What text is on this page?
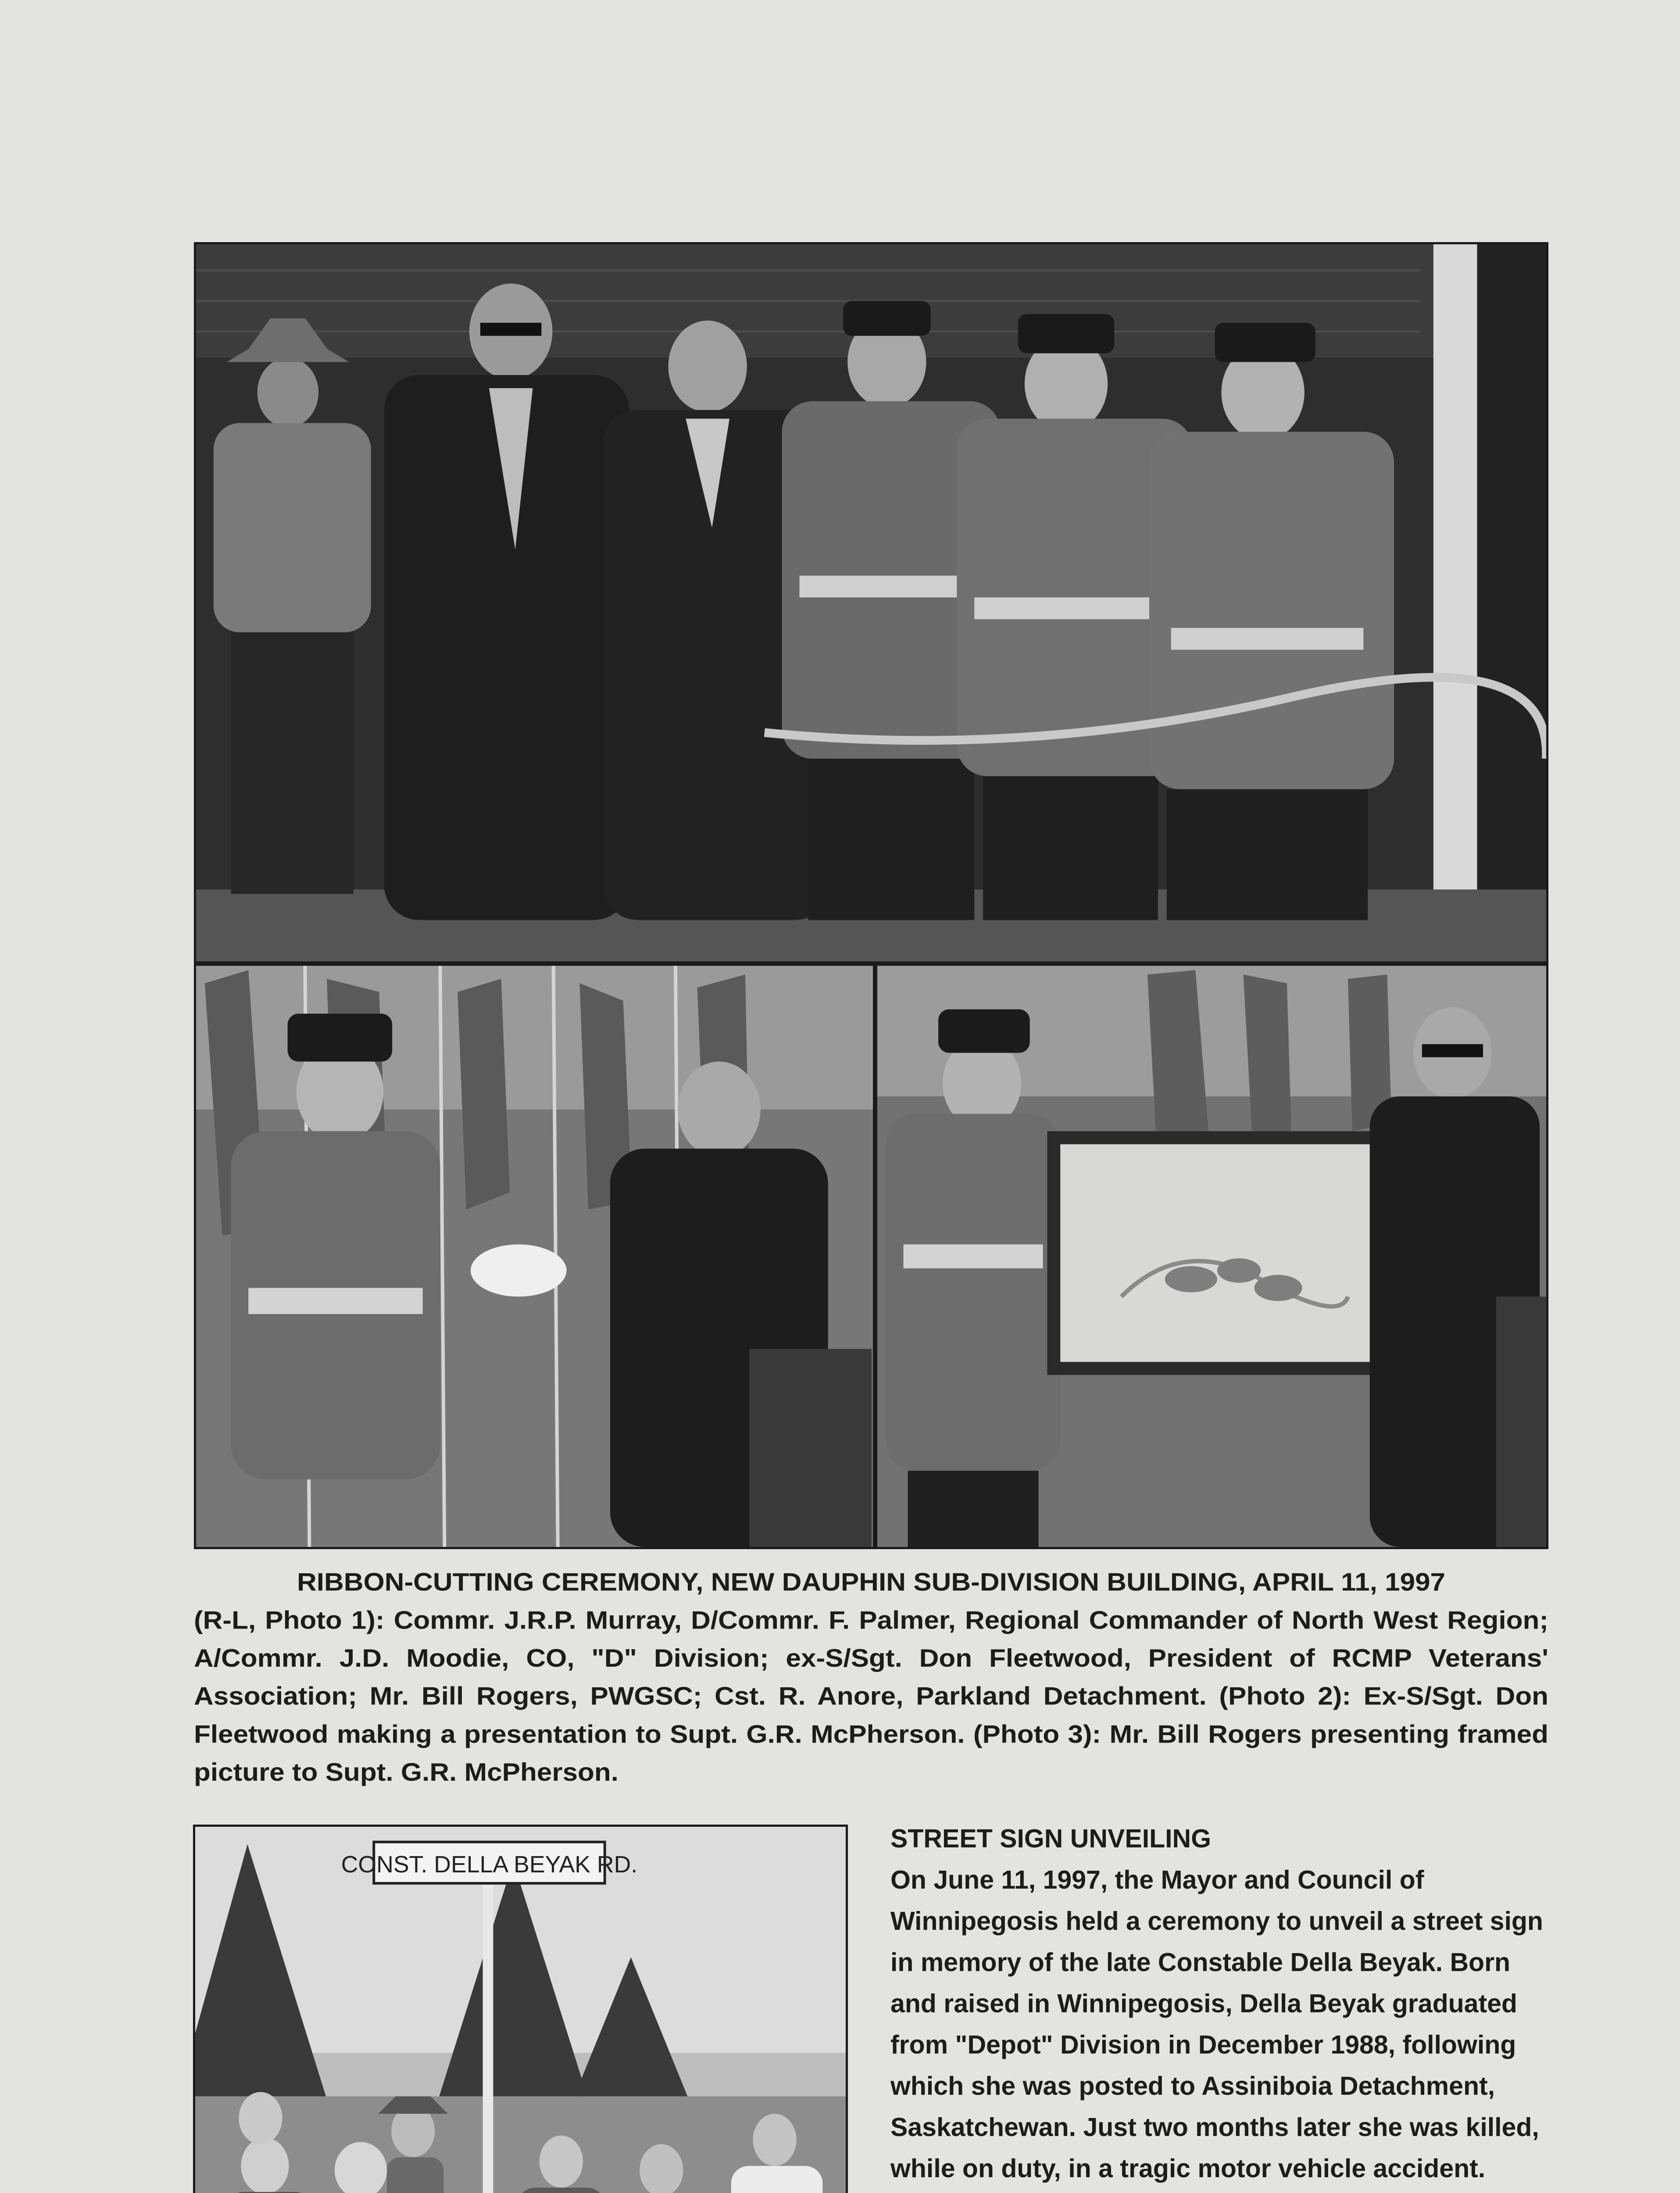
RIBBON-CUTTING CEREMONY, NEW DAUPHIN SUB-DIVISION BUILDING, APRIL 11, 1997
(R-L, Photo 1): Commr. J.R.P. Murray, D/Commr. F. Palmer, Regional Commander of North West Region; A/Commr. J.D. Moodie, CO, "D" Division; ex-S/Sgt. Don Fleetwood, President of RCMP Veterans' Association; Mr. Bill Rogers, PWGSC; Cst. R. Anore, Parkland Detachment. (Photo 2): Ex-S/Sgt. Don Fleetwood making a presentation to Supt. G.R. McPherson. (Photo 3): Mr. Bill Rogers presenting framed picture to Supt. G.R. McPherson.
CONST. DELLA BEYAK RD.
STREET SIGN UNVEILING
On June 11, 1997, the Mayor and Council of Winnipegosis held a ceremony to unveil a street sign in memory of the late Constable Della Beyak. Born and raised in Winnipegosis, Della Beyak graduated from "Depot" Division in December 1988, following which she was posted to Assiniboia Detachment, Saskatchewan. Just two months later she was killed, while on duty, in a tragic motor vehicle accident.
